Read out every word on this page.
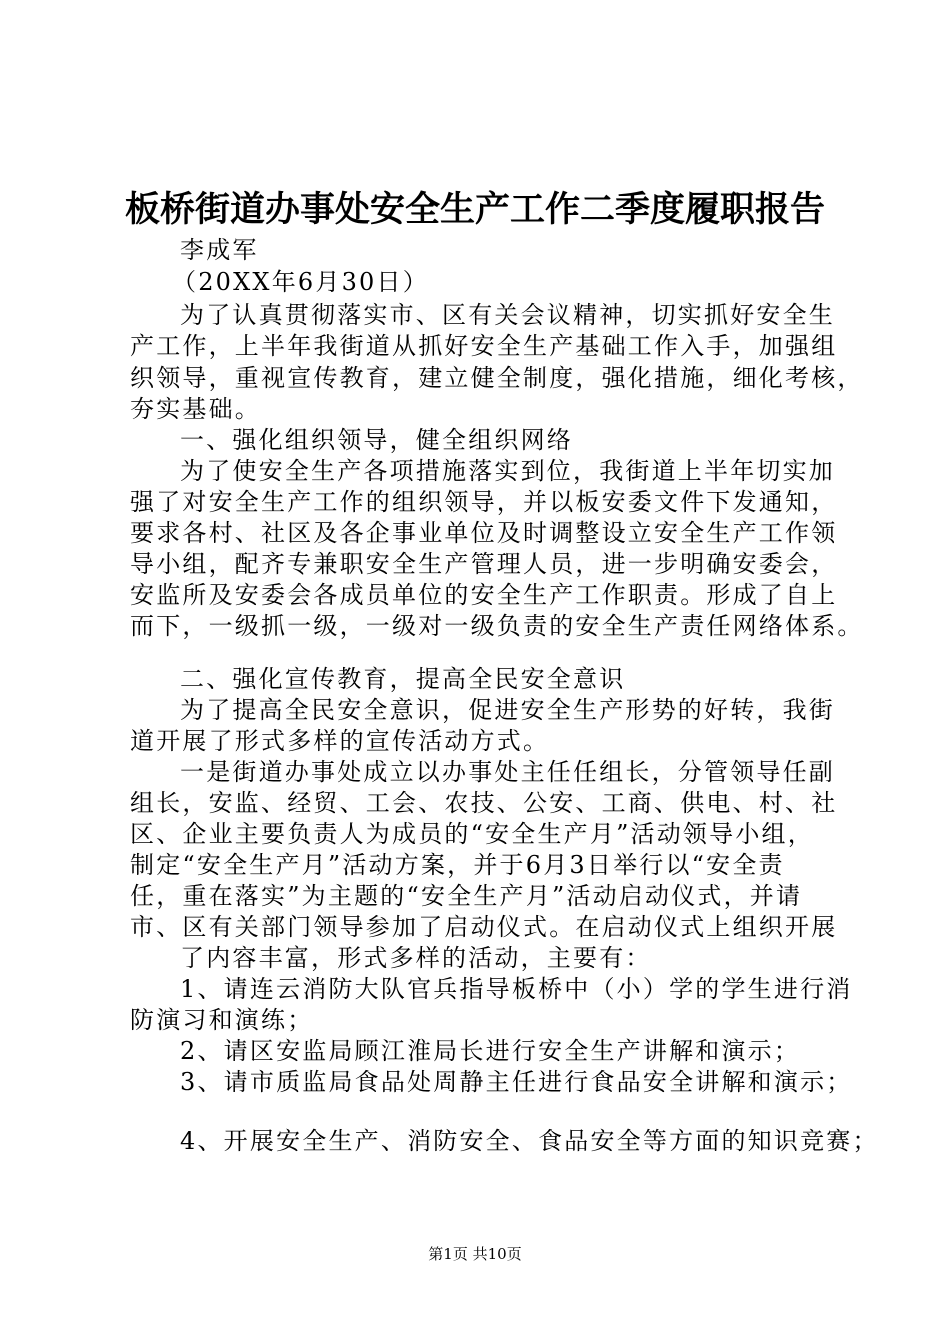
板桥街道办事处安全生产工作二季度履职报告
李成军
（20XX年6月30日）
为了认真贯彻落实市、区有关会议精神，切实抓好安全生
产工作，上半年我街道从抓好安全生产基础工作入手，加强组
织领导，重视宣传教育，建立健全制度，强化措施，细化考核，
夯实基础。
一、强化组织领导，健全组织网络
为了使安全生产各项措施落实到位，我街道上半年切实加
强了对安全生产工作的组织领导，并以板安委文件下发通知，
要求各村、社区及各企事业单位及时调整设立安全生产工作领
导小组，配齐专兼职安全生产管理人员，进一步明确安委会，
安监所及安委会各成员单位的安全生产工作职责。形成了自上
而下，一级抓一级，一级对一级负责的安全生产责任网络体系。
二、强化宣传教育，提高全民安全意识
为了提高全民安全意识，促进安全生产形势的好转，我街
道开展了形式多样的宣传活动方式。
一是街道办事处成立以办事处主任任组长，分管领导任副
组长，安监、经贸、工会、农技、公安、工商、供电、村、社
区、企业主要负责人为成员的“安全生产月”活动领导小组，
制定“安全生产月”活动方案，并于6月3日举行以“安全责
任，重在落实”为主题的“安全生产月”活动启动仪式，并请
市、区有关部门领导参加了启动仪式。在启动仪式上组织开展
了内容丰富，形式多样的活动，主要有：
1、请连云消防大队官兵指导板桥中（小）学的学生进行消
防演习和演练；
2、请区安监局顾江淮局长进行安全生产讲解和演示；
3、请市质监局食品处周静主任进行食品安全讲解和演示；
4、开展安全生产、消防安全、食品安全等方面的知识竞赛；
第1页 共10页
